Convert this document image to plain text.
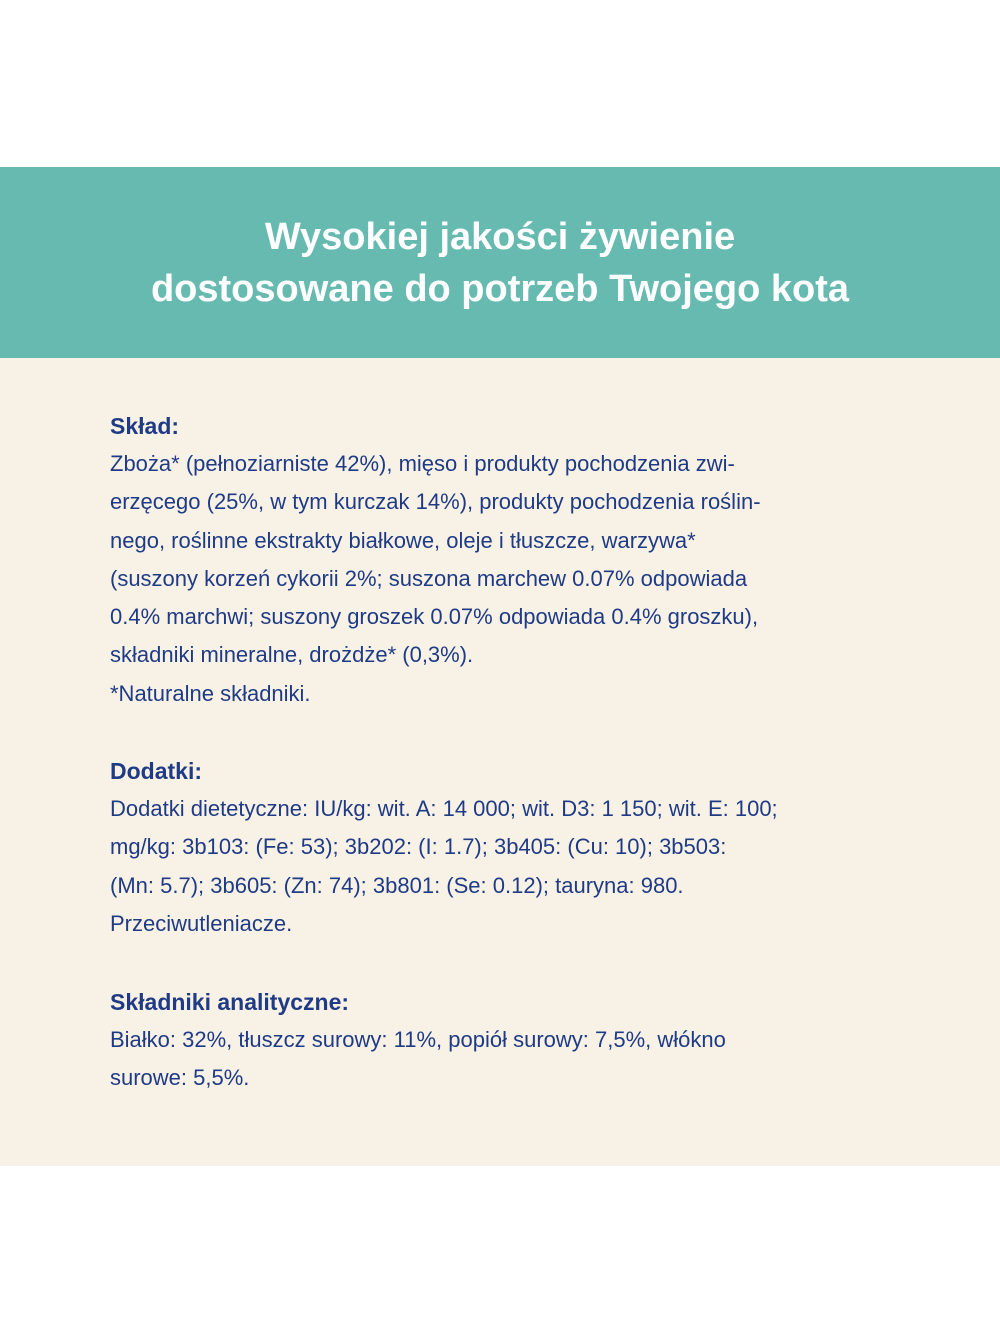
Wysokiej jakości żywienie
dostosowane do potrzeb Twojego kota
Skład:
Zboża* (pełnoziarniste 42%), mięso i produkty pochodzenia zwi-
erzęcego (25%, w tym kurczak 14%), produkty pochodzenia roślin-
nego, roślinne ekstrakty białkowe, oleje i tłuszcze, warzywa*
(suszony korzeń cykorii 2%; suszona marchew 0.07% odpowiada
0.4% marchwi; suszony groszek 0.07% odpowiada 0.4% groszku),
składniki mineralne, drożdże* (0,3%).
*Naturalne składniki.
Dodatki:
Dodatki dietetyczne: IU/kg: wit. A: 14 000; wit. D3: 1 150; wit. E: 100;
mg/kg: 3b103: (Fe: 53); 3b202: (I: 1.7); 3b405: (Cu: 10); 3b503:
(Mn: 5.7); 3b605: (Zn: 74); 3b801: (Se: 0.12); tauryna: 980.
Przeciwutleniacze.
Składniki analityczne:
Białko: 32%, tłuszcz surowy: 11%, popiół surowy: 7,5%, włókno
surowe: 5,5%.
